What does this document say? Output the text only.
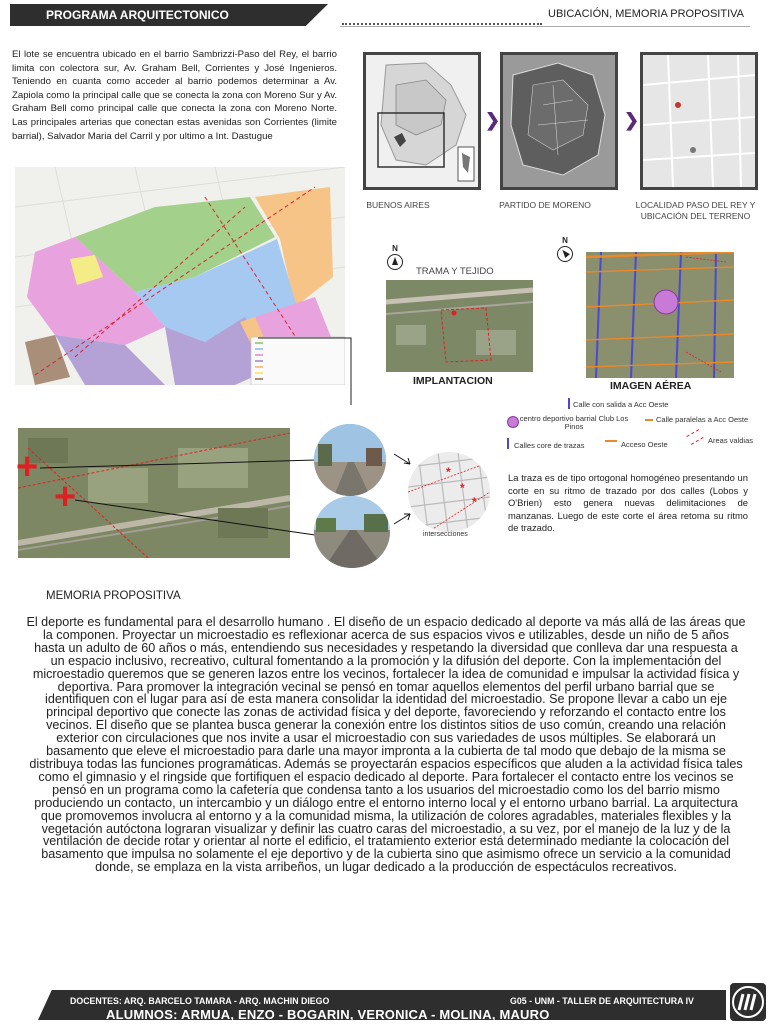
PROGRAMA ARQUITECTONICO	UBICACIÓN, MEMORIA PROPOSITIVA
El lote se encuentra ubicado en el barrio Sambrizzi-Paso del Rey, el barrio limita con colectora sur, Av. Graham Bell, Corrientes y José Ingenieros. Teniendo en cuanta como acceder al barrio podemos determinar a Av. Zapiola como la principal calle que se conecta la zona con Moreno Sur y Av. Graham Bell como principal calle que conecta la zona con Moreno Norte. Las principales arterias que conectan estas avenidas son Corrientes (limite barrial), Salvador Maria del Carril y por ultimo a Int. Dastugue
❯	❯
BUENOS AIRES	PARTIDO DE MORENO	LOCALIDAD PASO DEL REY Y UBICACIÓN DEL TERRENO
N
TRAMA Y TEJIDO
IMPLANTACION
N
IMAGEN AÉREA
Calle con salida a Acc Oeste
centro deportivo barrial Club Los Pinos
Calle paralelas a Acc Oeste
Calles core de trazas	Acceso Oeste	Areas valdias
+
+
*
*
*
intersecciones
La traza es de tipo ortogonal homogéneo presentando un corte en su ritmo de trazado por dos calles (Lobos y O'Brien) esto genera nuevas delimitaciones de manzanas. Luego de este corte el área retoma su ritmo de trazado.
MEMORIA PROPOSITIVA
El deporte es fundamental para el desarrollo humano . El diseño de un espacio dedicado al deporte va más allá de las áreas que la componen. Proyectar un microestadio es reflexionar acerca de sus espacios vivos e utilizables, desde un niño de 5 años hasta un adulto de 60 años o más, entendiendo sus necesidades y respetando la diversidad que conlleva dar una respuesta a un espacio inclusivo, recreativo, cultural fomentando a la promoción y la difusión del deporte. Con la implementación del microestadio queremos que se generen lazos entre los vecinos, fortalecer la idea de comunidad e impulsar la actividad física y deportiva. Para promover la integración vecinal se pensó en tomar aquellos elementos del perfil urbano barrial que se identifiquen con el lugar para así de esta manera consolidar la identidad del microestadio. Se propone llevar a cabo un eje principal deportivo que conecte las zonas de actividad física y del deporte, favoreciendo y reforzando el contacto entre los vecinos. El diseño que se plantea busca generar la conexión entre los distintos sitios de uso común, creando una relación exterior con circulaciones que nos invite a usar el microestadio con sus variedades de usos múltiples. Se elaborará un basamento que eleve el microestadio para darle una mayor impronta a la cubierta de tal modo que debajo de la misma se distribuya todas las funciones programáticas. Además se proyectarán espacios específicos que aluden a la actividad física tales como el gimnasio y el ringside que fortifiquen el espacio dedicado al deporte. Para fortalecer el contacto entre los vecinos se pensó en un programa como la cafetería que condensa tanto a los usuarios del microestadio como los del barrio mismo produciendo un contacto, un intercambio y un diálogo entre el entorno interno local y el entorno urbano barrial. La arquitectura que promovemos involucra al entorno y a la comunidad misma, la utilización de colores agradables, materiales flexibles y la vegetación autóctona lograran visualizar y definir las cuatro caras del microestadio, a su vez, por el manejo de la luz y de la ventilación de decide rotar y orientar al norte el edificio, el tratamiento exterior está determinado mediante la colocación del basamento que impulsa no solamente el eje deportivo y de la cubierta sino que asimismo ofrece un servicio a la comunidad donde, se emplaza en la vista arribeños, un lugar dedicado a la producción de espectáculos recreativos.
DOCENTES: ARQ. BARCELO TAMARA - ARQ. MACHIN DIEGO	G05 - UNM - TALLER DE ARQUITECTURA IV
ALUMNOS: ARMUA, ENZO - BOGARIN, VERONICA - MOLINA, MAURO
